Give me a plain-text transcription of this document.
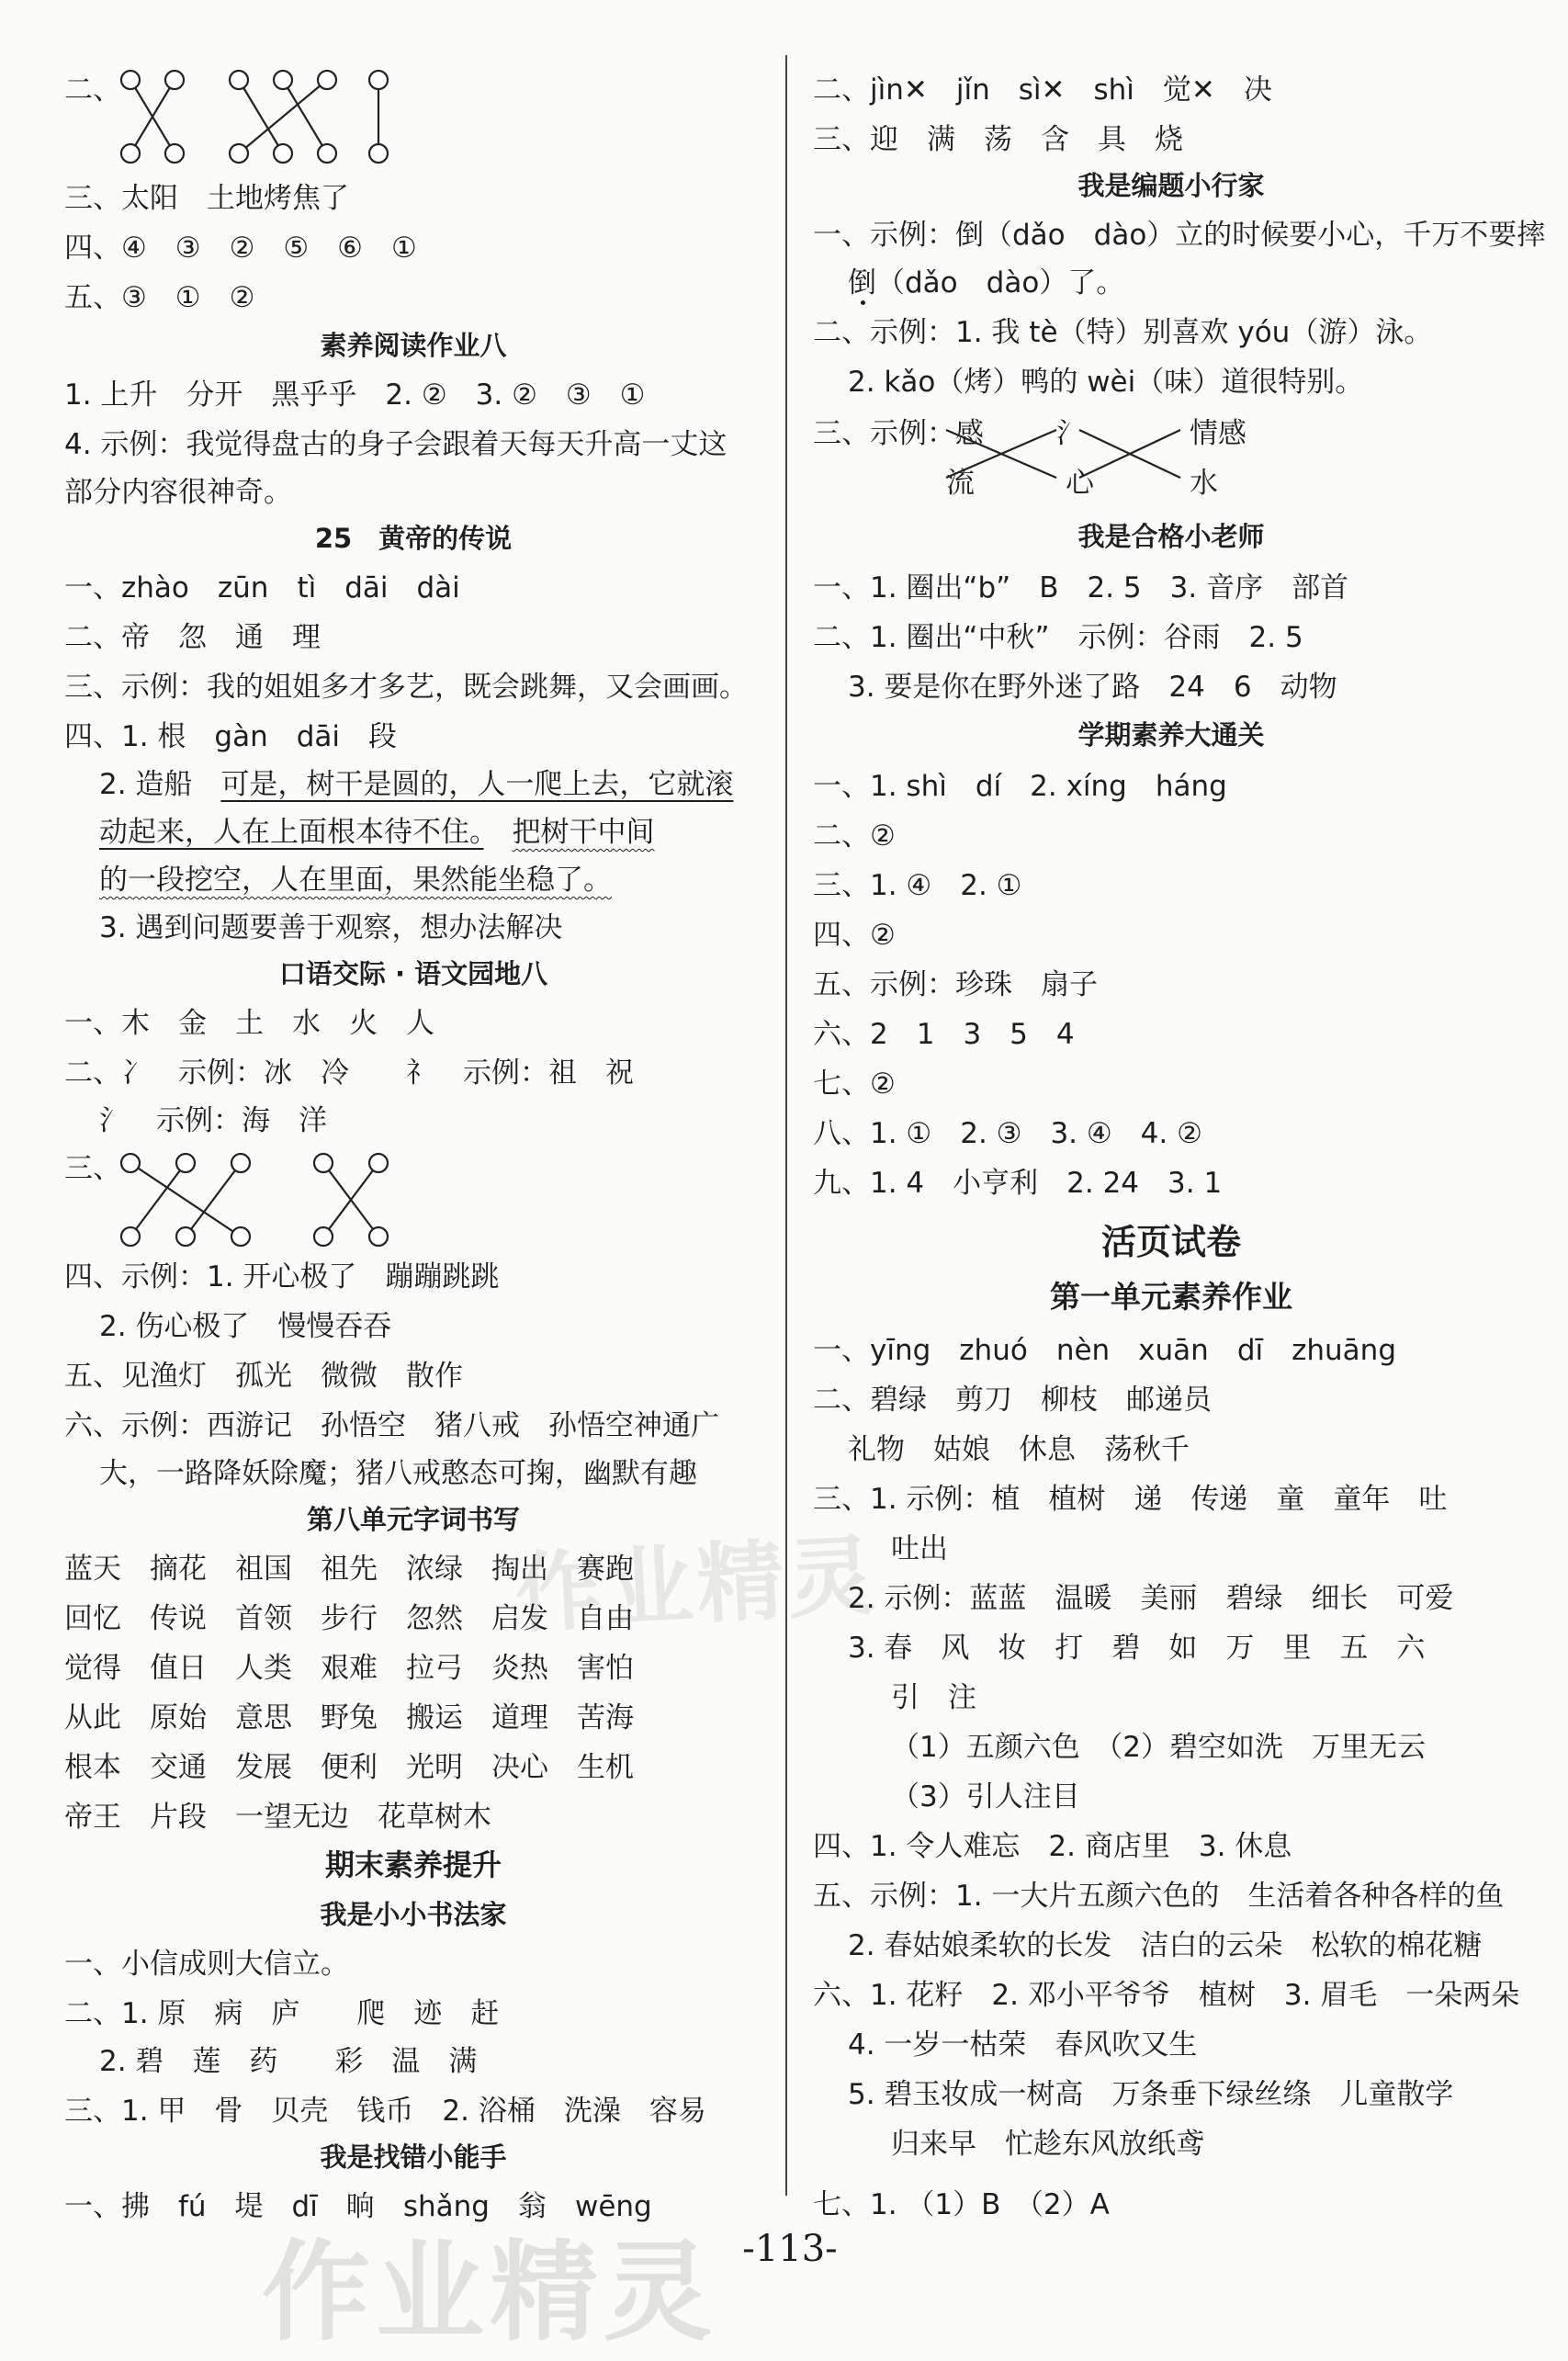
二、
三、太阳　土地烤焦了
四、④　③　②　⑤　⑥　①
五、③　①　②
素养阅读作业八
1. 上升　分开　黑乎乎　2. ②　3. ②　③　①
4. 示例：我觉得盘古的身子会跟着天每天升高一丈这
部分内容很神奇。
25　黄帝的传说
一、zhào　zūn　tì　dāi　dài
二、帝　忽　通　理
三、示例：我的姐姐多才多艺，既会跳舞，又会画画。
四、1. 根　gàn　dāi　段
2. 造船　可是，树干是圆的，人一爬上去，它就滚
动起来，人在上面根本待不住。　 把树干中间
的一段挖空，人在里面，果然能坐稳了。
3. 遇到问题要善于观察，想办法解决
口语交际 · 语文园地八
一、木　金　土　水　火　人
二、冫　示例：冰　冷　　礻　示例：祖　祝
氵　示例：海　洋
三、
四、示例：1. 开心极了　蹦蹦跳跳
2. 伤心极了　慢慢吞吞
五、见渔灯　孤光　微微　散作
六、示例：西游记　孙悟空　猪八戒　孙悟空神通广
大，一路降妖除魔；猪八戒憨态可掬，幽默有趣
第八单元字词书写
蓝天　摘花　祖国　祖先　浓绿　掏出　赛跑
回忆　传说　首领　步行　忽然　启发　自由
觉得　值日　人类　艰难　拉弓　炎热　害怕
从此　原始　意思　野兔　搬运　道理　苦海
根本　交通　发展　便利　光明　决心　生机
帝王　片段　一望无边　花草树木
期末素养提升
我是小小书法家
一、小信成则大信立。
二、1. 原　病　庐　　爬　迹　赶
2. 碧　莲　药　　彩　温　满
三、1. 甲　骨　贝壳　钱币　2. 浴桶　洗澡　容易
我是找错小能手
一、拂　fú　堤　dī　晌　shǎng　翁　wēng
二、jìn✕　jǐn　sì✕　shì　觉✕　决
三、迎　满　荡　含　具　烧
我是编题小行家
一、示例：倒（dǎo　dào）立的时候要小心，千万不要摔
倒（dǎo　dào）了。
二、示例：1. 我 tè（特）别喜欢 yóu（游）泳。
2. kǎo（烤）鸭的 wèi（味）道很特别。
三、示例：感	氵	情感
流	心	水
我是合格小老师
一、1. 圈出“b”　B　2. 5　3. 音序　部首
二、1. 圈出“中秋”　示例：谷雨　2. 5
3. 要是你在野外迷了路　24　6　动物
学期素养大通关
一、1. shì　dí　2. xíng　háng
二、②
三、1. ④　2. ①
四、②
五、示例：珍珠　扇子
六、2　1　3　5　4
七、②
八、1. ①　2. ③　3. ④　4. ②
九、1. 4　小亨利　2. 24　3. 1
活页试卷
第一单元素养作业
一、yīng　zhuó　nèn　xuān　dī　zhuāng
二、碧绿　剪刀　柳枝　邮递员
礼物　姑娘　休息　荡秋千
三、1. 示例：植　植树　递　传递　童　童年　吐
吐出
2. 示例：蓝蓝　温暖　美丽　碧绿　细长　可爱
3. 春　风　妆　打　碧　如　万　里　五　六
引　注
（1）五颜六色　（2）碧空如洗　万里无云
（3）引人注目
四、1. 令人难忘　2. 商店里　3. 休息
五、示例：1. 一大片五颜六色的　生活着各种各样的鱼
2. 春姑娘柔软的长发　洁白的云朵　松软的棉花糖
六、1. 花籽　2. 邓小平爷爷　植树　3. 眉毛　一朵两朵
4. 一岁一枯荣　春风吹又生
5. 碧玉妆成一树高　万条垂下绿丝绦　儿童散学
归来早　忙趁东风放纸鸢
七、1. （1）B　（2）A
作业精灵
作业精灵 -113-
